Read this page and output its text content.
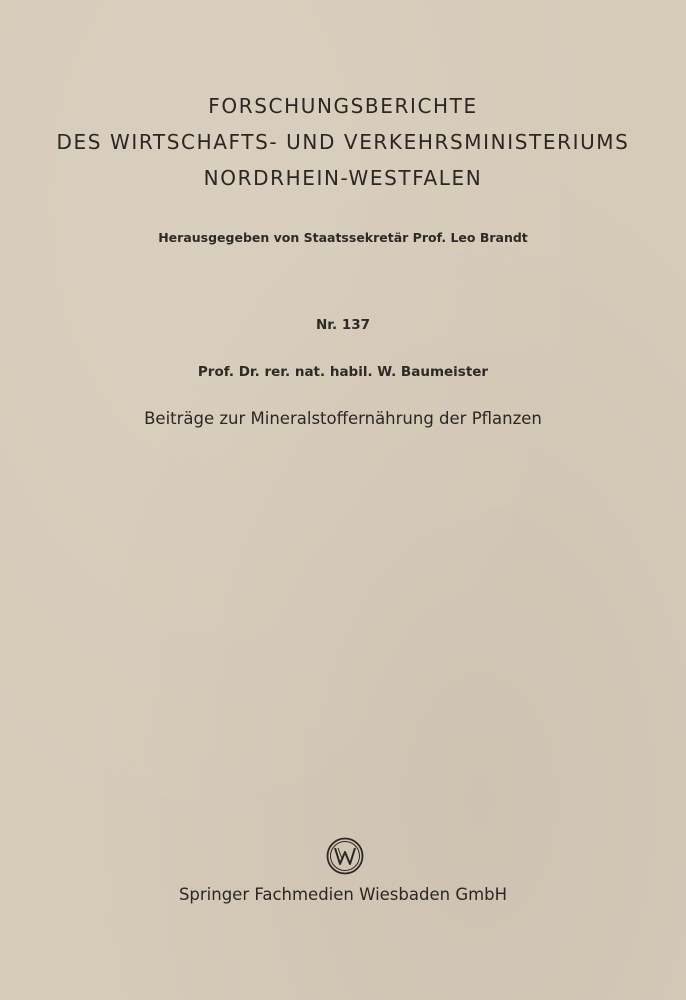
FORSCHUNGSBERICHTE
DES WIRTSCHAFTS- UND VERKEHRSMINISTERIUMS
NORDRHEIN-WESTFALEN
Herausgegeben von Staatssekretär Prof. Leo Brandt
Nr. 137
Prof. Dr. rer. nat. habil. W. Baumeister
Beiträge zur Mineralstoffernährung der Pflanzen
Springer Fachmedien Wiesbaden GmbH
